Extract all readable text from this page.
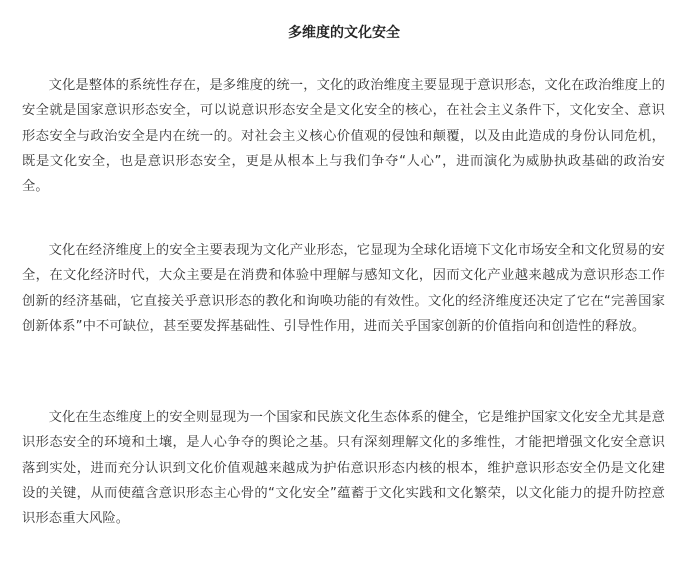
多维度的文化安全

文化是整体的系统性存在，是多维度的统一，文化的政治维度主要显现于意识形态，文化在政治维度上的安全就是国家意识形态安全，可以说意识形态安全是文化安全的核心，在社会主义条件下，文化安全、意识形态安全与政治安全是内在统一的。对社会主义核心价值观的侵蚀和颠覆，以及由此造成的身份认同危机，既是文化安全，也是意识形态安全，更是从根本上与我们争夺“人心”，进而演化为威胁执政基础的政治安全。

文化在经济维度上的安全主要表现为文化产业形态，它显现为全球化语境下文化市场安全和文化贸易的安全，在文化经济时代，大众主要是在消费和体验中理解与感知文化，因而文化产业越来越成为意识形态工作创新的经济基础，它直接关乎意识形态的教化和询唤功能的有效性。文化的经济维度还决定了它在“完善国家创新体系”中不可缺位，甚至要发挥基础性、引导性作用，进而关乎国家创新的价值指向和创造性的释放。

文化在生态维度上的安全则显现为一个国家和民族文化生态体系的健全，它是维护国家文化安全尤其是意识形态安全的环境和土壤，是人心争夺的舆论之基。只有深刻理解文化的多维性，才能把增强文化安全意识落到实处，进而充分认识到文化价值观越来越成为护佑意识形态内核的根本，维护意识形态安全仍是文化建设的关键，从而使蕴含意识形态主心骨的“文化安全”蕴蓄于文化实践和文化繁荣，以文化能力的提升防控意识形态重大风险。
